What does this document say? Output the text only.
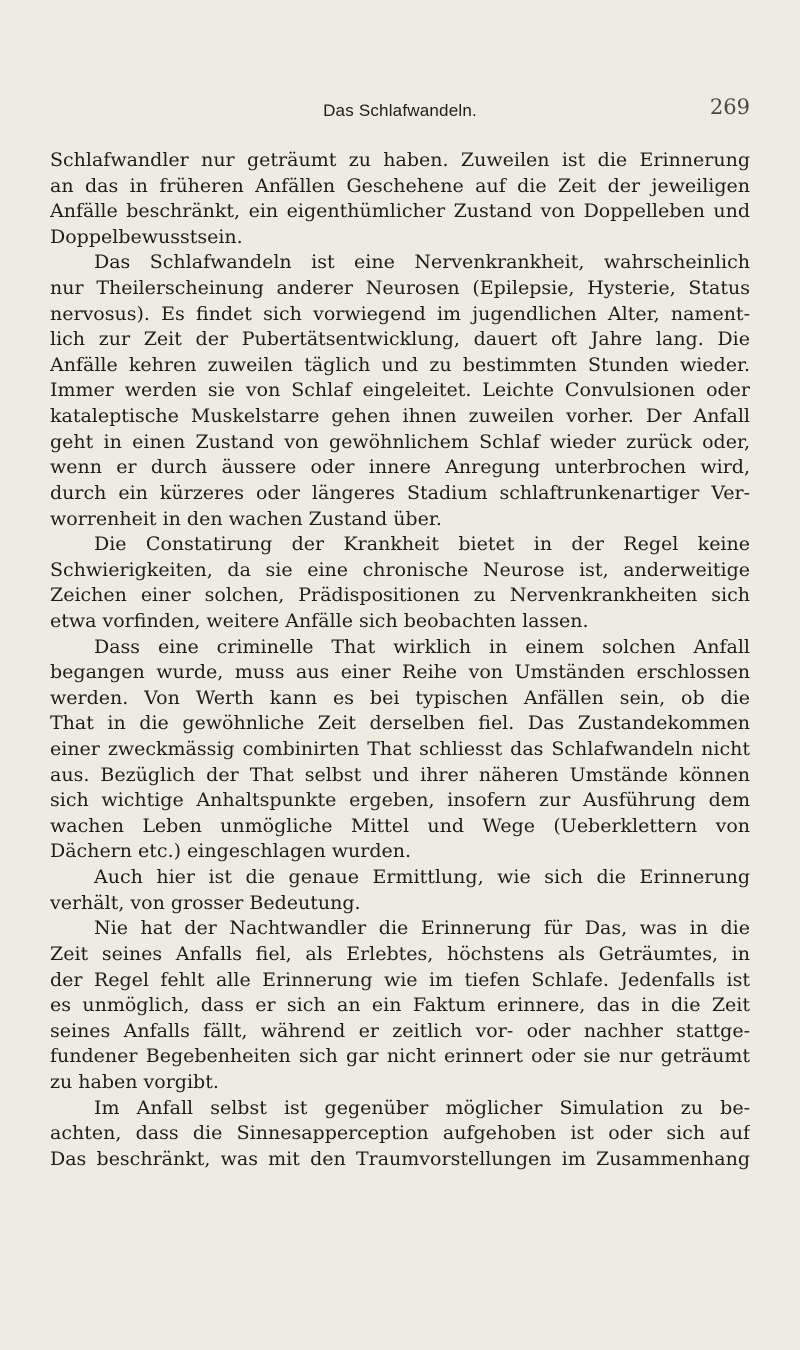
Das Schlafwandeln.	269
Schlafwandler nur geträumt zu haben. Zuweilen ist die Erinnerung
an das in früheren Anfällen Geschehene auf die Zeit der jeweiligen
Anfälle beschränkt, ein eigenthümlicher Zustand von Doppelleben und
Doppelbewusstsein.
Das Schlafwandeln ist eine Nervenkrankheit, wahrscheinlich
nur Theilerscheinung anderer Neurosen (Epilepsie, Hysterie, Status
nervosus). Es findet sich vorwiegend im jugendlichen Alter, nament-
lich zur Zeit der Pubertätsentwicklung, dauert oft Jahre lang. Die
Anfälle kehren zuweilen täglich und zu bestimmten Stunden wieder.
Immer werden sie von Schlaf eingeleitet. Leichte Convulsionen oder
kataleptische Muskelstarre gehen ihnen zuweilen vorher. Der Anfall
geht in einen Zustand von gewöhnlichem Schlaf wieder zurück oder,
wenn er durch äussere oder innere Anregung unterbrochen wird,
durch ein kürzeres oder längeres Stadium schlaftrunkenartiger Ver-
worrenheit in den wachen Zustand über.
Die Constatirung der Krankheit bietet in der Regel keine
Schwierigkeiten, da sie eine chronische Neurose ist, anderweitige
Zeichen einer solchen, Prädispositionen zu Nervenkrankheiten sich
etwa vorfinden, weitere Anfälle sich beobachten lassen.
Dass eine criminelle That wirklich in einem solchen Anfall
begangen wurde, muss aus einer Reihe von Umständen erschlossen
werden. Von Werth kann es bei typischen Anfällen sein, ob die
That in die gewöhnliche Zeit derselben fiel. Das Zustandekommen
einer zweckmässig combinirten That schliesst das Schlafwandeln nicht
aus. Bezüglich der That selbst und ihrer näheren Umstände können
sich wichtige Anhaltspunkte ergeben, insofern zur Ausführung dem
wachen Leben unmögliche Mittel und Wege (Ueberklettern von
Dächern etc.) eingeschlagen wurden.
Auch hier ist die genaue Ermittlung, wie sich die Erinnerung
verhält, von grosser Bedeutung.
Nie hat der Nachtwandler die Erinnerung für Das, was in die
Zeit seines Anfalls fiel, als Erlebtes, höchstens als Geträumtes, in
der Regel fehlt alle Erinnerung wie im tiefen Schlafe. Jedenfalls ist
es unmöglich, dass er sich an ein Faktum erinnere, das in die Zeit
seines Anfalls fällt, während er zeitlich vor- oder nachher stattge-
fundener Begebenheiten sich gar nicht erinnert oder sie nur geträumt
zu haben vorgibt.
Im Anfall selbst ist gegenüber möglicher Simulation zu be-
achten, dass die Sinnesapperception aufgehoben ist oder sich auf
Das beschränkt, was mit den Traumvorstellungen im Zusammenhang
